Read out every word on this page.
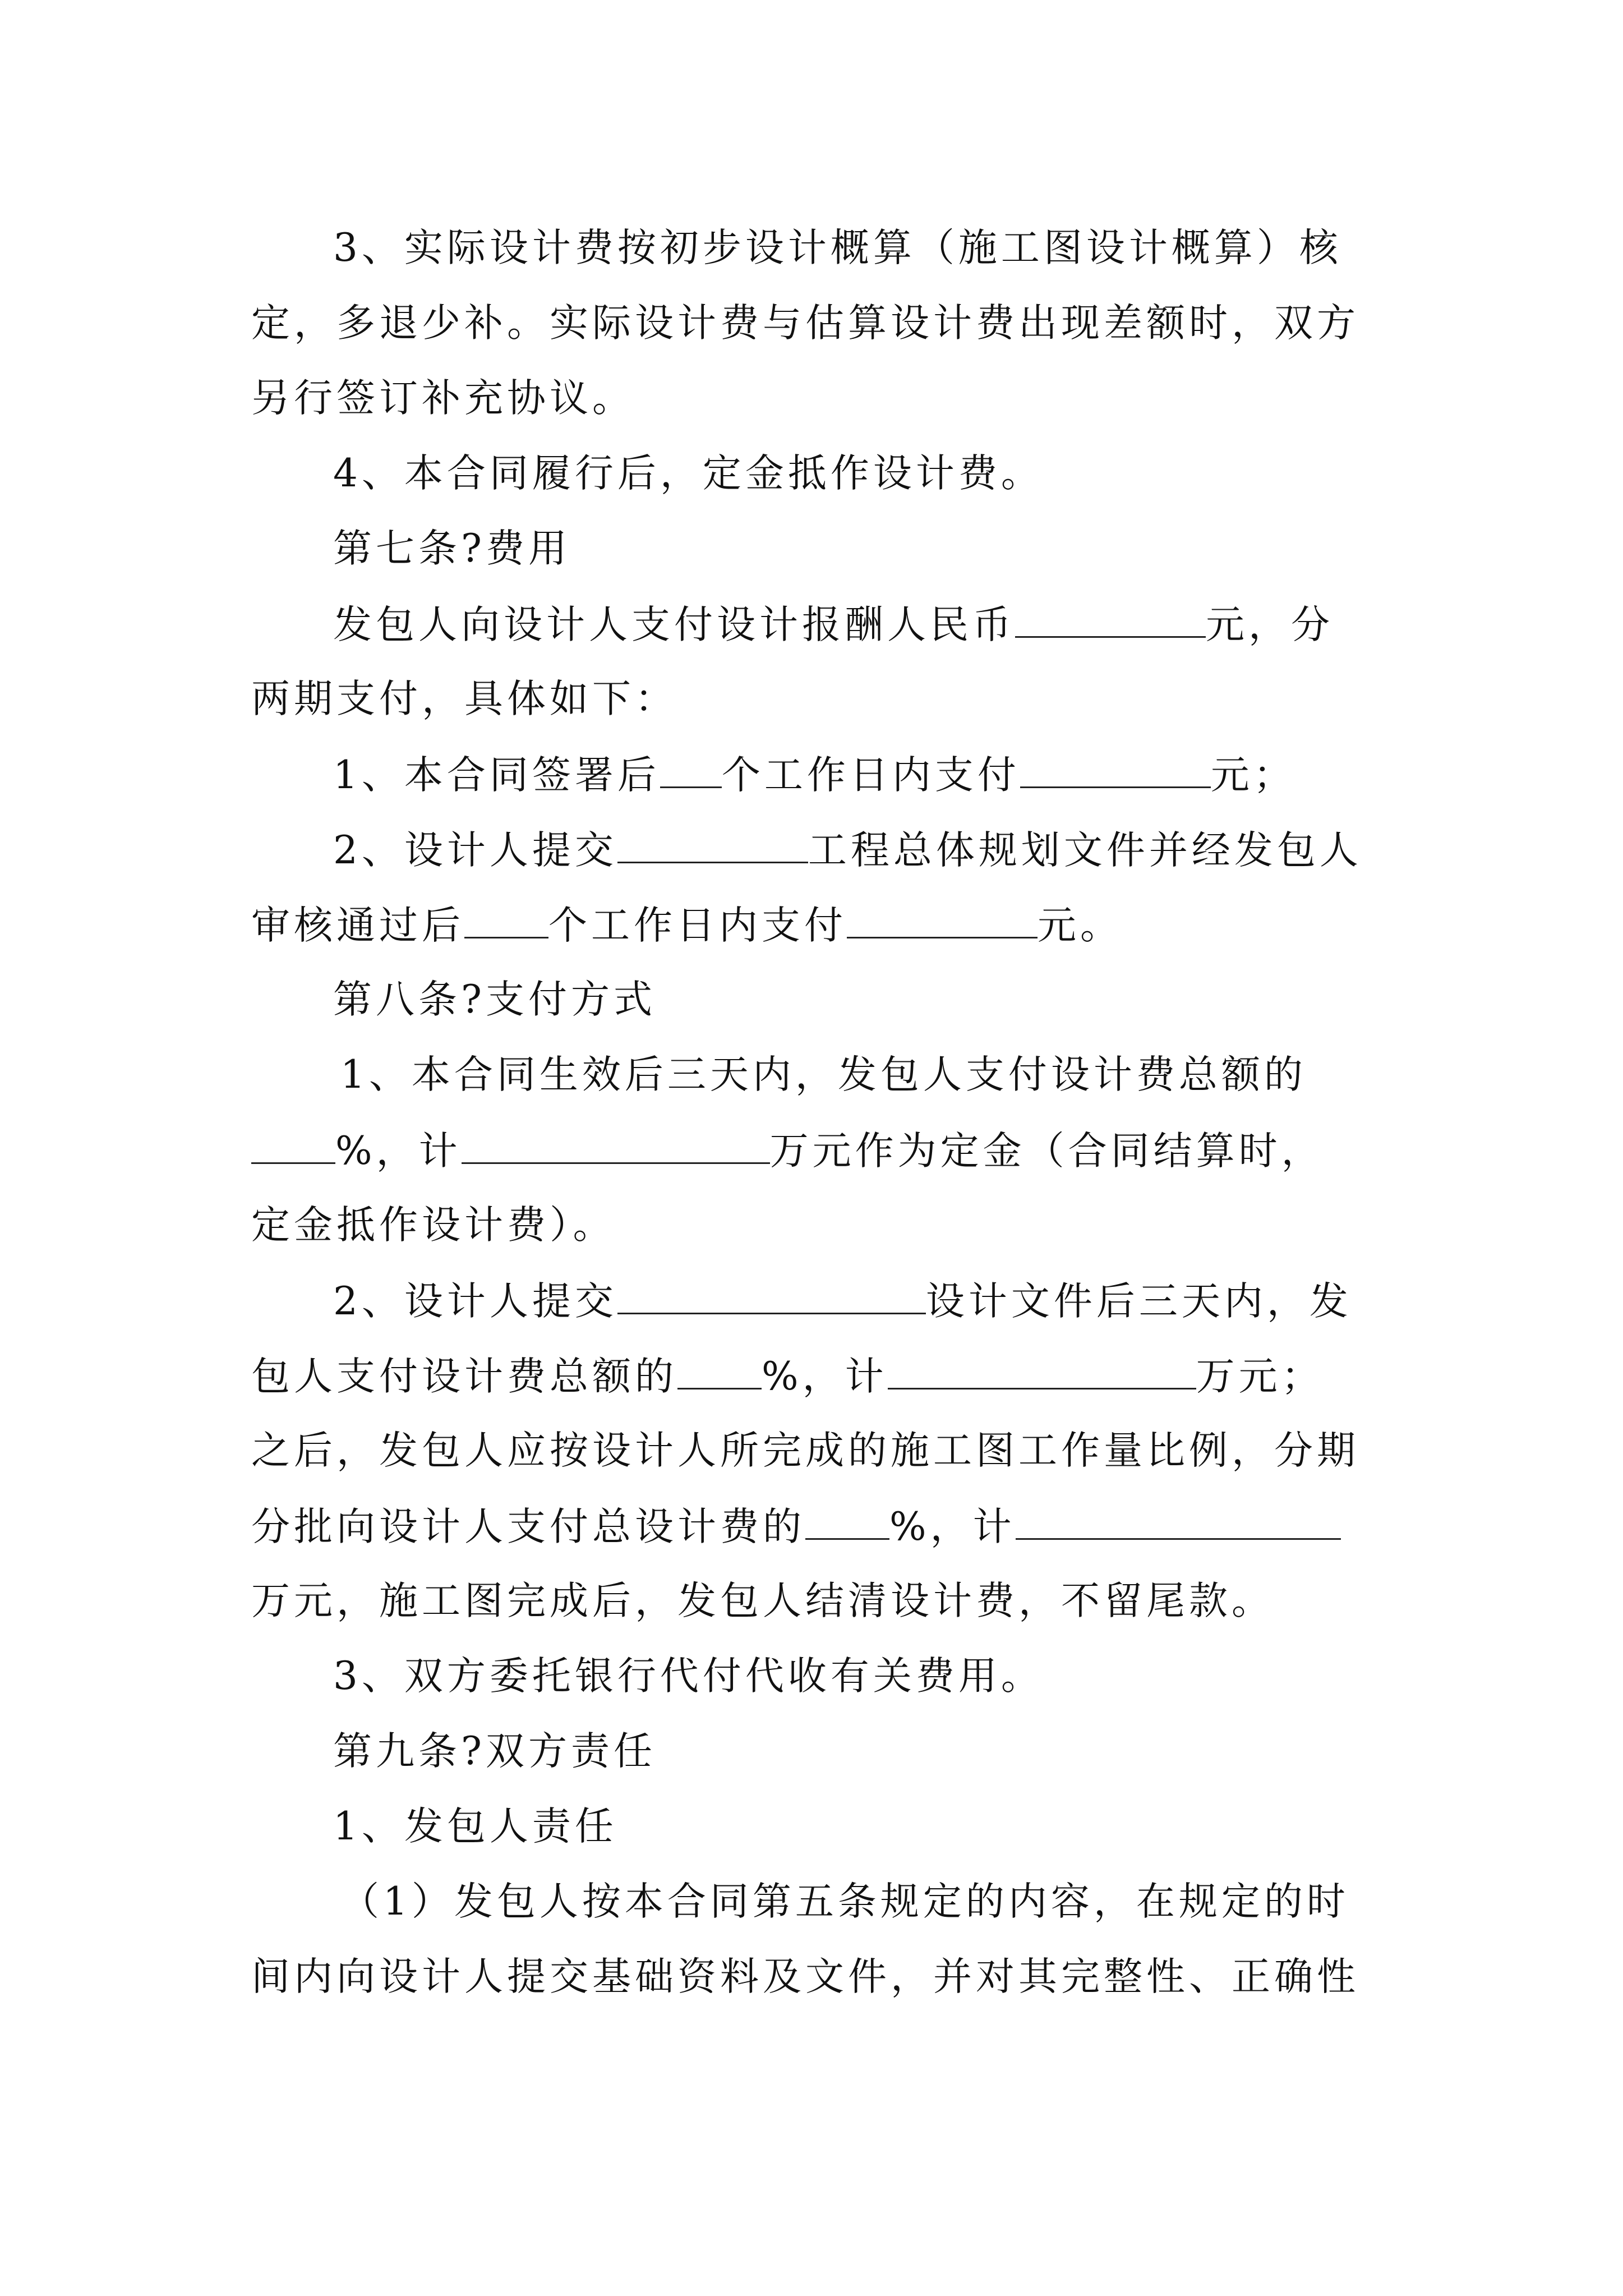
3、实际设计费按初步设计概算（施工图设计概算）核
定，多退少补。实际设计费与估算设计费出现差额时，双方
另行签订补充协议。
4、本合同履行后，定金抵作设计费。
第七条?费用
发包人向设计人支付设计报酬人民币	元，分
两期支付，具体如下：
1、本合同签署后 个工作日内支付	元；
2、设计人提交	工程总体规划文件并经发包人
审核通过后 个工作日内支付	元。
第八条?支付方式
1、本合同生效后三天内，发包人支付设计费总额的
%，计	万元作为定金（合同结算时，
定金抵作设计费）。
2、设计人提交	设计文件后三天内，发
包人支付设计费总额的 %，计	万元；
之后，发包人应按设计人所完成的施工图工作量比例，分期
分批向设计人支付总设计费的 %，计
万元，施工图完成后，发包人结清设计费，不留尾款。
3、双方委托银行代付代收有关费用。
第九条?双方责任
1、发包人责任
（1）发包人按本合同第五条规定的内容，在规定的时
间内向设计人提交基础资料及文件，并对其完整性、正确性
